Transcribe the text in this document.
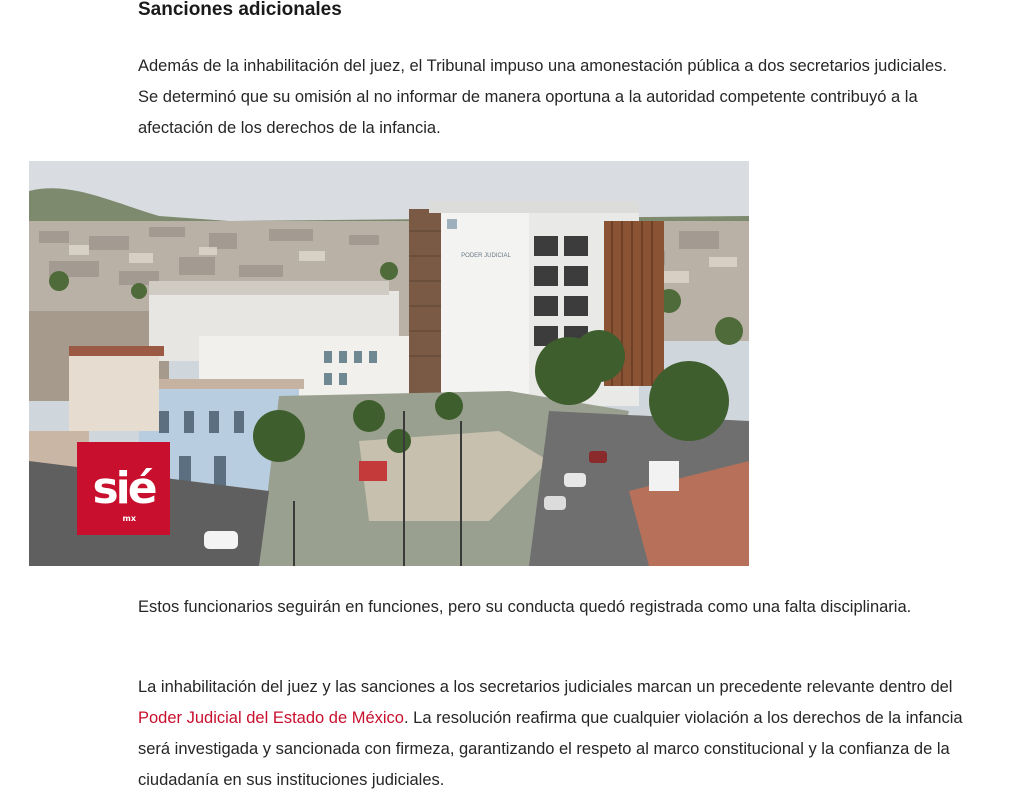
Sanciones adicionales

Además de la inhabilitación del juez, el Tribunal impuso una amonestación pública a dos secretarios judiciales. Se determinó que su omisión al no informar de manera oportuna a la autoridad competente contribuyó a la afectación de los derechos de la infancia.

PODER JUDICIAL
sié
mx

Estos funcionarios seguirán en funciones, pero su conducta quedó registrada como una falta disciplinaria.

La inhabilitación del juez y las sanciones a los secretarios judiciales marcan un precedente relevante dentro del Poder Judicial del Estado de México. La resolución reafirma que cualquier violación a los derechos de la infancia será investigada y sancionada con firmeza, garantizando el respeto al marco constitucional y la confianza de la ciudadanía en sus instituciones judiciales.
